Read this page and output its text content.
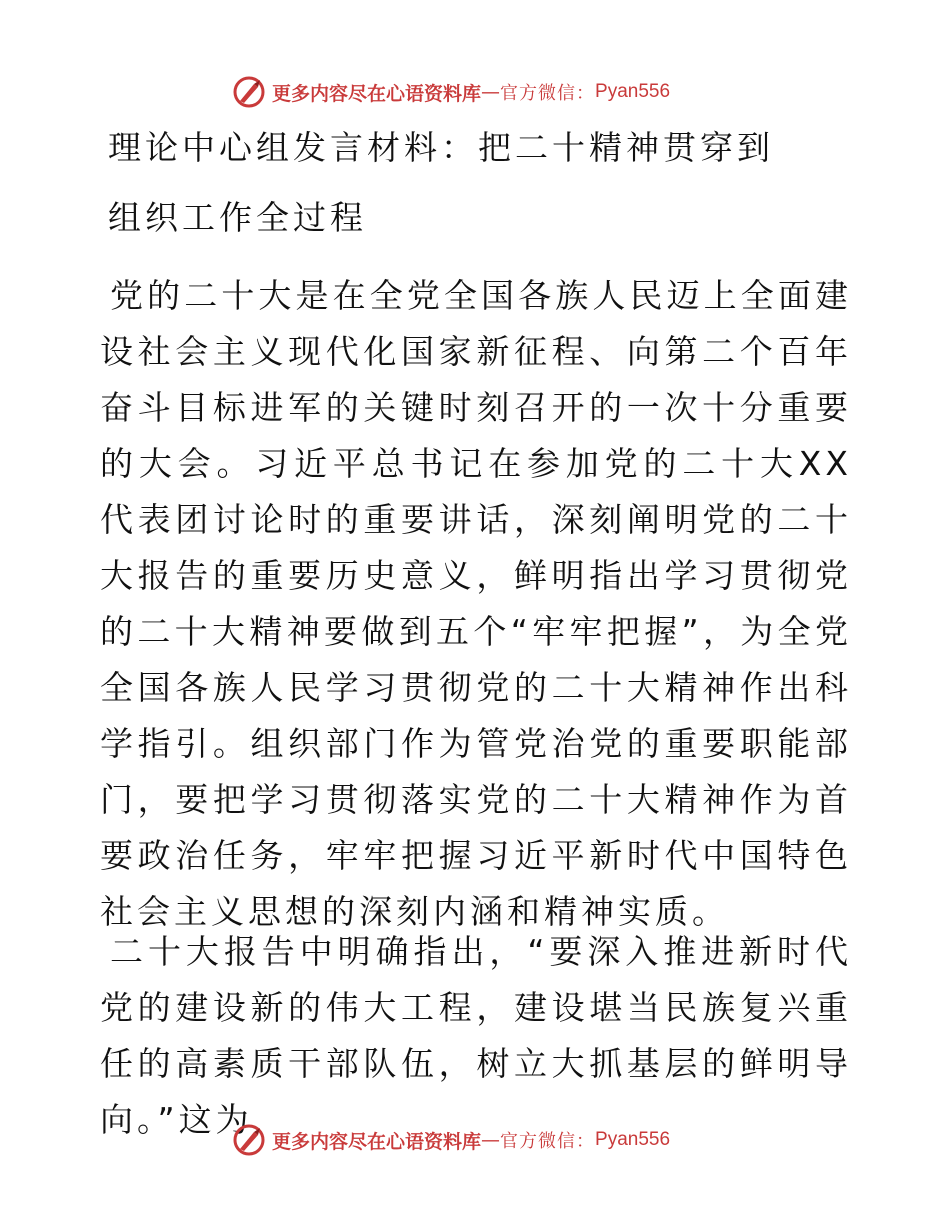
更多内容尽在心语资料库 — 官方微信： Pyan556
理论中心组发言材料：把二十精神贯穿到
组织工作全过程

党的二十大是在全党全国各族人民迈上全面建设社会主义现代化国家新征程、向第二个百年奋斗目标进军的关键时刻召开的一次十分重要的大会。习近平总书记在参加党的二十大XX代表团讨论时的重要讲话，深刻阐明党的二十大报告的重要历史意义，鲜明指出学习贯彻党的二十大精神要做到五个“牢牢把握”，为全党全国各族人民学习贯彻党的二十大精神作出科学指引。组织部门作为管党治党的重要职能部门，要把学习贯彻落实党的二十大精神作为首要政治任务，牢牢把握习近平新时代中国特色社会主义思想的深刻内涵和精神实质。

二十大报告中明确指出，“要深入推进新时代党的建设新的伟大工程，建设堪当民族复兴重任的高素质干部队伍，树立大抓基层的鲜明导向。”这为

更多内容尽在心语资料库 — 官方微信： Pyan556
